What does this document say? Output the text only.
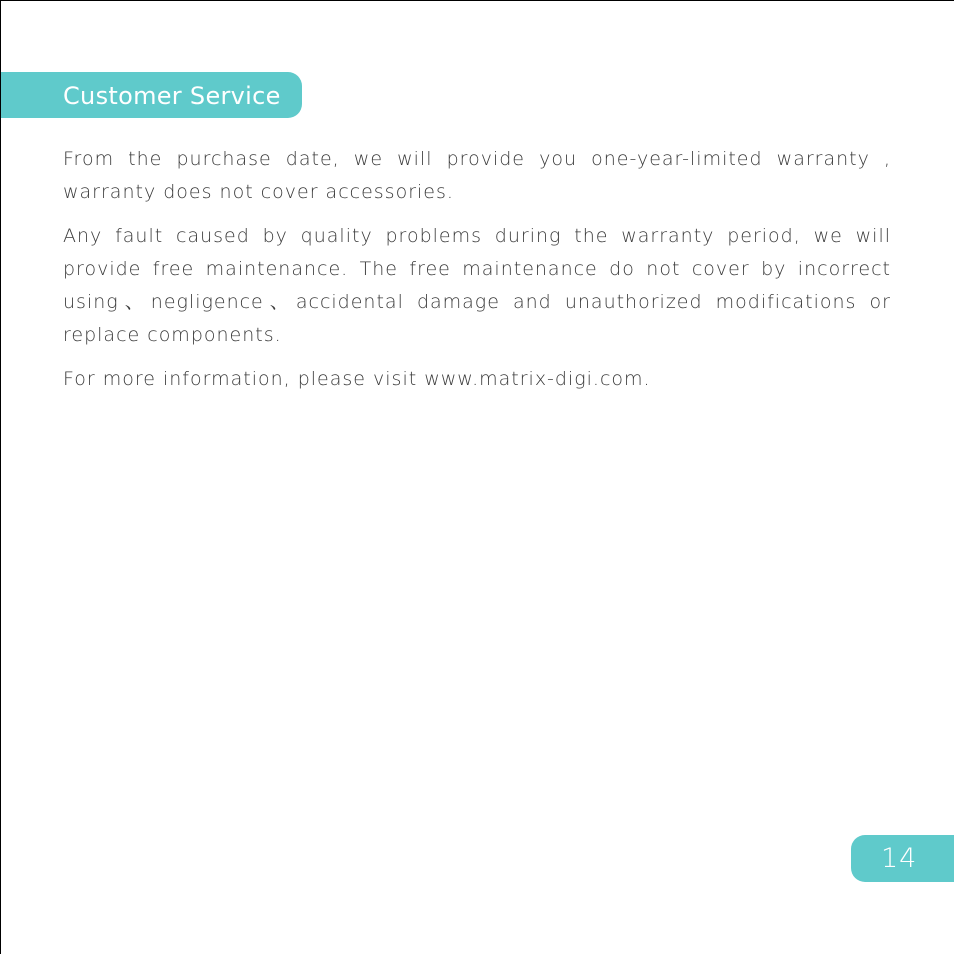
Customer Service

From the purchase date, we will provide you one-year-limited warranty , warranty does not cover accessories.

Any fault caused by quality problems during the warranty period, we will provide free maintenance. The free maintenance do not cover by incorrect using、negligence、accidental damage and unauthorized modifications or replace components.

For more information, please visit www.matrix-digi.com.

14
